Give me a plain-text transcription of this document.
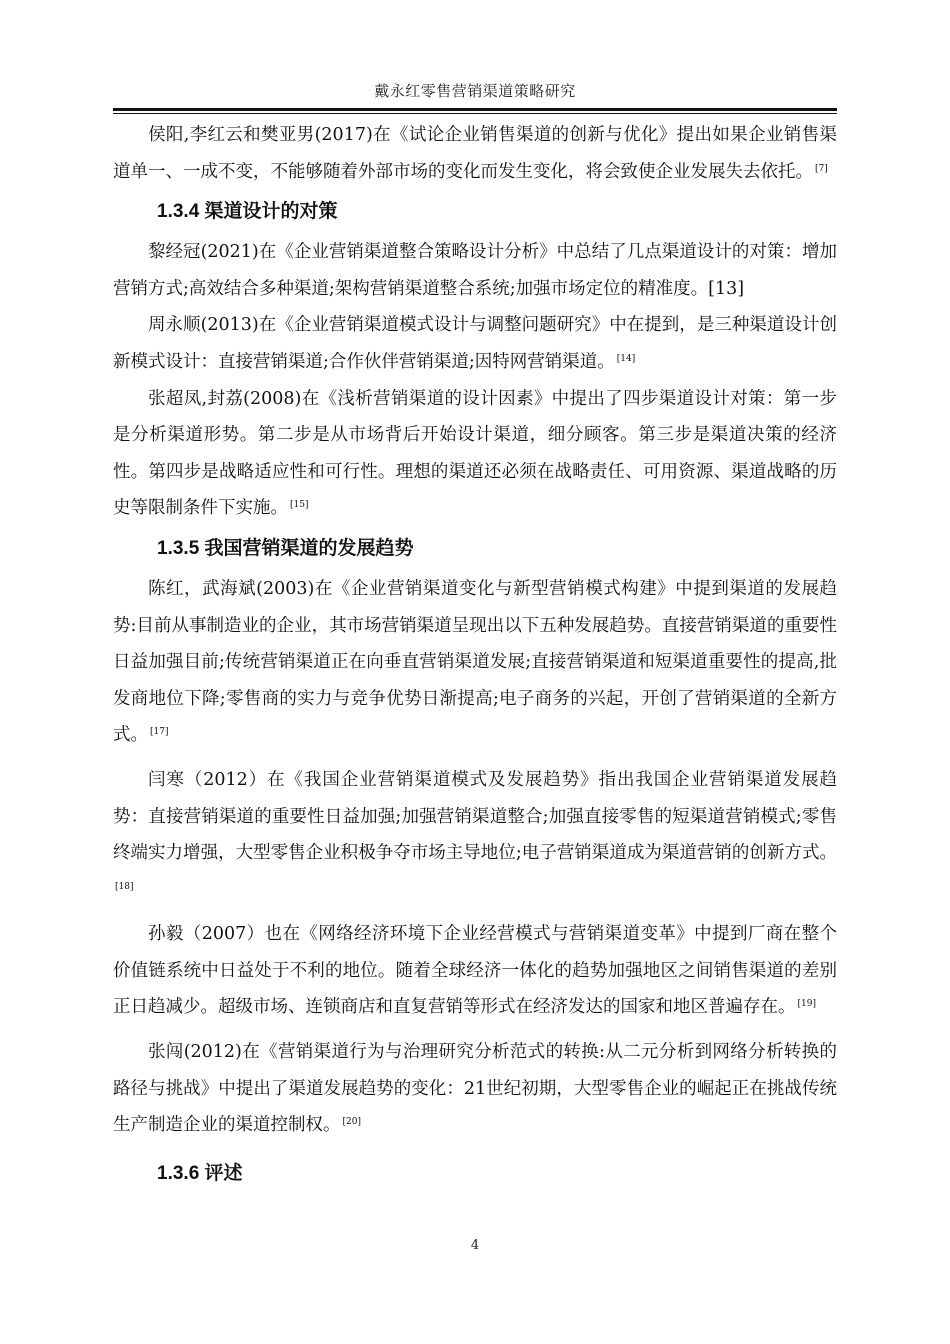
戴永红零售营销渠道策略研究

侯阳,李红云和樊亚男(2017)在《试论企业销售渠道的创新与优化》提出如果企业销售渠道单一、一成不变，不能够随着外部市场的变化而发生变化，将会致使企业发展失去依托。 [7]

1.3.4 渠道设计的对策

黎经冠(2021)在《企业营销渠道整合策略设计分析》中总结了几点渠道设计的对策：增加营销方式;高效结合多种渠道;架构营销渠道整合系统;加强市场定位的精准度。[13]

周永顺(2013)在《企业营销渠道模式设计与调整问题研究》中在提到，是三种渠道设计创新模式设计：直接营销渠道;合作伙伴营销渠道;因特网营销渠道。 [14]

张超凤,封荔(2008)在《浅析营销渠道的设计因素》中提出了四步渠道设计对策：第一步是分析渠道形势。第二步是从市场背后开始设计渠道，细分顾客。第三步是渠道决策的经济性。第四步是战略适应性和可行性。理想的渠道还必须在战略责任、可用资源、渠道战略的历史等限制条件下实施。 [15]

1.3.5 我国营销渠道的发展趋势

陈红，武海斌(2003)在《企业营销渠道变化与新型营销模式构建》中提到渠道的发展趋势:目前从事制造业的企业，其市场营销渠道呈现出以下五种发展趋势。直接营销渠道的重要性日益加强目前;传统营销渠道正在向垂直营销渠道发展;直接营销渠道和短渠道重要性的提高,批发商地位下降;零售商的实力与竞争优势日渐提高;电子商务的兴起，开创了营销渠道的全新方式。 [17]

闫寒（2012）在《我国企业营销渠道模式及发展趋势》指出我国企业营销渠道发展趋势：直接营销渠道的重要性日益加强;加强营销渠道整合;加强直接零售的短渠道营销模式;零售终端实力增强，大型零售企业积极争夺市场主导地位;电子营销渠道成为渠道营销的创新方式。[18]

孙毅（2007）也在《网络经济环境下企业经营模式与营销渠道变革》中提到厂商在整个价值链系统中日益处于不利的地位。随着全球经济一体化的趋势加强地区之间销售渠道的差别正日趋减少。超级市场、连锁商店和直复营销等形式在经济发达的国家和地区普遍存在。 [19]

张闯(2012)在《营销渠道行为与治理研究分析范式的转换:从二元分析到网络分析转换的路径与挑战》中提出了渠道发展趋势的变化：21世纪初期，大型零售企业的崛起正在挑战传统生产制造企业的渠道控制权。 [20]

1.3.6 评述
4
